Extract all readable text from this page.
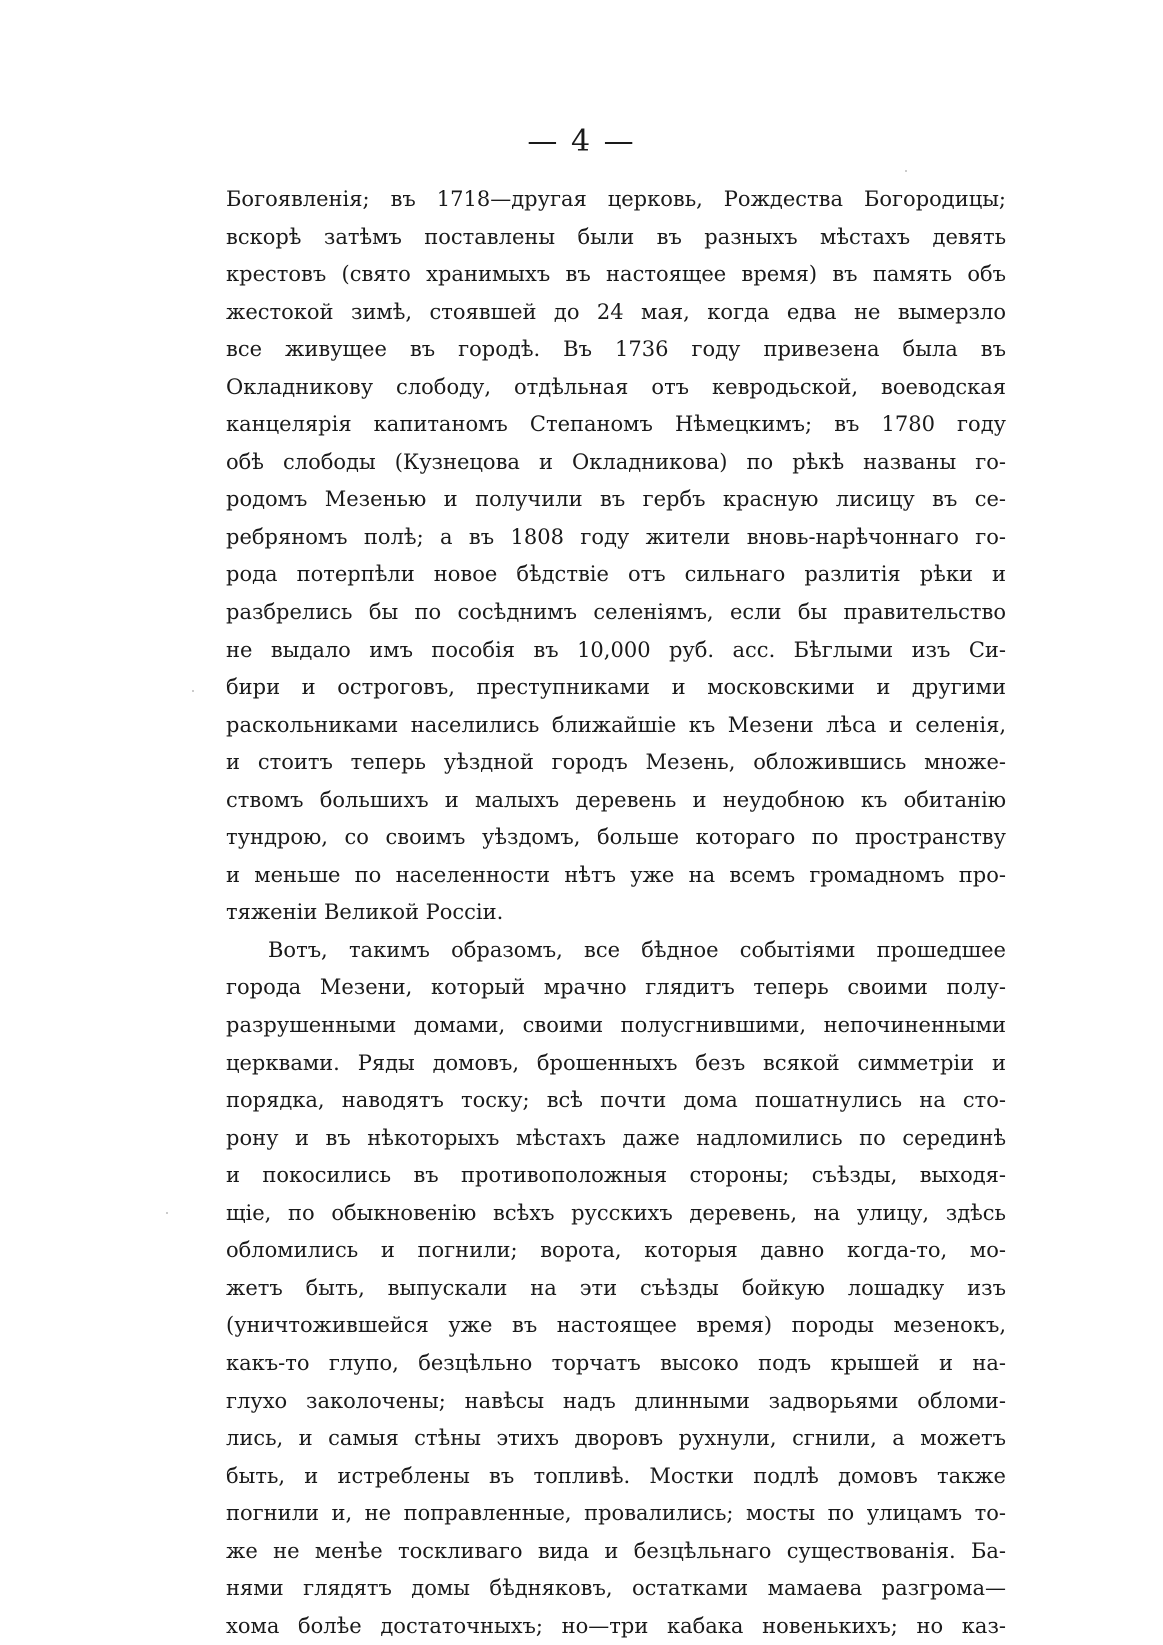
— 4 —
Богоявленія; въ 1718—другая церковь, Рождества Богородицы;
вскорѣ затѣмъ поставлены были въ разныхъ мѣстахъ девять
крестовъ (свято хранимыхъ въ настоящее время) въ память объ
жестокой зимѣ, стоявшей до 24 мая, когда едва не вымерзло
все живущее въ городѣ. Въ 1736 году привезена была въ
Окладникову слободу, отдѣльная отъ кевродьской, воеводская
канцелярія капитаномъ Степаномъ Нѣмецкимъ; въ 1780 году
обѣ слободы (Кузнецова и Окладникова) по рѣкѣ названы го-
родомъ Мезенью и получили въ гербъ красную лисицу въ се-
ребряномъ полѣ; а въ 1808 году жители вновь-нарѣчоннаго го-
рода потерпѣли новое бѣдствіе отъ сильнаго разлитія рѣки и
разбрелись бы по сосѣднимъ селеніямъ, если бы правительство
не выдало имъ пособія въ 10,000 руб. асс. Бѣглыми изъ Си-
бири и остроговъ, преступниками и московскими и другими
раскольниками населились ближайшіе къ Мезени лѣса и селенія,
и стоитъ теперь уѣздной городъ Мезень, обложившись множе-
ствомъ большихъ и малыхъ деревень и неудобною къ обитанію
тундрою, со своимъ уѣздомъ, больше котораго по пространству
и меньше по населенности нѣтъ уже на всемъ громадномъ про-
тяженіи Великой Россіи.
Вотъ, такимъ образомъ, все бѣдное событіями прошедшее
города Мезени, который мрачно глядитъ теперь своими полу-
разрушенными домами, своими полусгнившими, непочиненными
церквами. Ряды домовъ, брошенныхъ безъ всякой симметріи и
порядка, наводятъ тоску; всѣ почти дома пошатнулись на сто-
рону и въ нѣкоторыхъ мѣстахъ даже надломились по серединѣ
и покосились въ противоположныя стороны; съѣзды, выходя-
щіе, по обыкновенію всѣхъ русскихъ деревень, на улицу, здѣсь
обломились и погнили; ворота, которыя давно когда-то, мо-
жетъ быть, выпускали на эти съѣзды бойкую лошадку изъ
(уничтожившейся уже въ настоящее время) породы мезенокъ,
какъ-то глупо, безцѣльно торчатъ высоко подъ крышей и на-
глухо заколочены; навѣсы надъ длинными задворьями обломи-
лись, и самыя стѣны этихъ дворовъ рухнули, сгнили, а можетъ
быть, и истреблены въ топливѣ. Мостки подлѣ домовъ также
погнили и, не поправленные, провалились; мосты по улицамъ то-
же не менѣе тоскливаго вида и безцѣльнаго существованія. Ба-
нями глядятъ домы бѣдняковъ, остатками мамаева разгрома—
хома болѣе достаточныхъ; но—три кабака новенькихъ; но каз-
